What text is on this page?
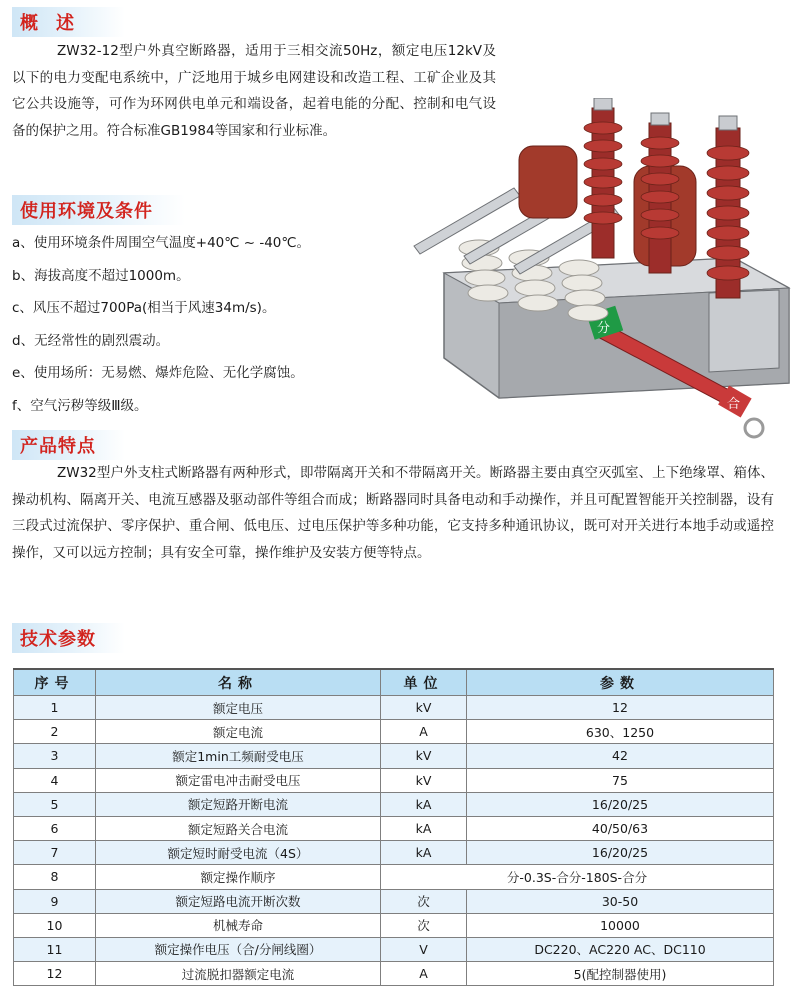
概述

ZW32-12型户外真空断路器，适用于三相交流50Hz，额定电压12kV及以下的电力变配电系统中，广泛地用于城乡电网建设和改造工程、工矿企业及其它公共设施等，可作为环网供电单元和端设备，起着电能的分配、控制和电气设备的保护之用。符合标准GB1984等国家和行业标准。

使用环境及条件
a、使用环境条件周围空气温度+40℃ ~ -40℃。
b、海拔高度不超过1000m。
c、风压不超过700Pa(相当于风速34m/s)。
d、无经常性的剧烈震动。
e、使用场所：无易燃、爆炸危险、无化学腐蚀。
f、空气污秽等级Ⅲ级。
分
合
产品特点

ZW32型户外支柱式断路器有两种形式，即带隔离开关和不带隔离开关。断路器主要由真空灭弧室、上下绝缘罩、箱体、操动机构、隔离开关、电流互感器及驱动部件等组合而成；断路器同时具备电动和手动操作，并且可配置智能开关控制器，设有三段式过流保护、零序保护、重合闸、低电压、过电压保护等多种功能，它支持多种通讯协议，既可对开关进行本地手动或遥控操作，又可以远方控制；具有安全可靠，操作维护及安装方便等特点。

技术参数
序号	名称	单位	参数
1	额定电压	kV	12
2	额定电流	A	630、1250
3	额定1min工频耐受电压	kV	42
4	额定雷电冲击耐受电压	kV	75
5	额定短路开断电流	kA	16/20/25
6	额定短路关合电流	kA	40/50/63
7	额定短时耐受电流（4S）	kA	16/20/25
8	额定操作顺序	分-0.3S-合分-180S-合分	
9	额定短路电流开断次数	次	30-50
10	机械寿命	次	10000
11	额定操作电压（合/分闸线圈）	V	DC220、AC220 AC、DC110
12	过流脱扣器额定电流	A	5(配控制器使用)
